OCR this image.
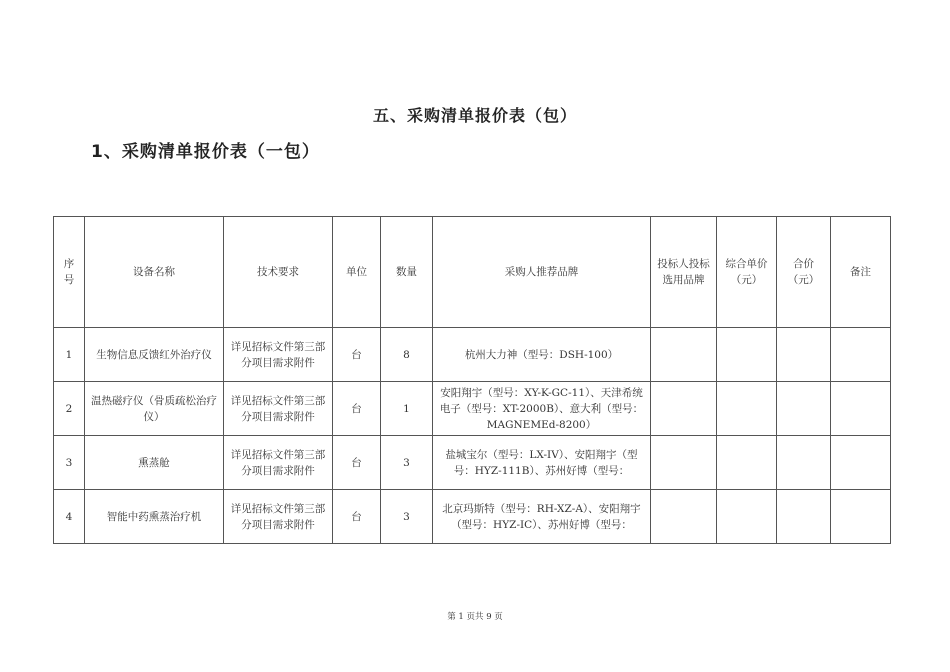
五、采购清单报价表（包）
1、采购清单报价表（一包）
序号	设备名称	技术要求	单位	数量	采购人推荐品牌	投标人投标选用品牌	综合单价（元）	合价（元）	备注
1	生物信息反馈红外治疗仪	详见招标文件第三部分项目需求附件	台	8	杭州大力神（型号：DSH-100）				
2	温热磁疗仪（骨质疏松治疗仪）	详见招标文件第三部分项目需求附件	台	1	安阳翔宇（型号：XY-K-GC-11）、天津希统电子（型号：XT-2000B）、意大利（型号：MAGNEMEd-8200）				
3	熏蒸舱	详见招标文件第三部分项目需求附件	台	3	盐城宝尔（型号：LX-IV）、安阳翔宇（型号：HYZ-111B）、苏州好博（型号：				
4	智能中药熏蒸治疗机	详见招标文件第三部分项目需求附件	台	3	北京玛斯特（型号：RH-XZ-A）、安阳翔宇（型号：HYZ-IC）、苏州好博（型号：				
第 1 页共 9 页
